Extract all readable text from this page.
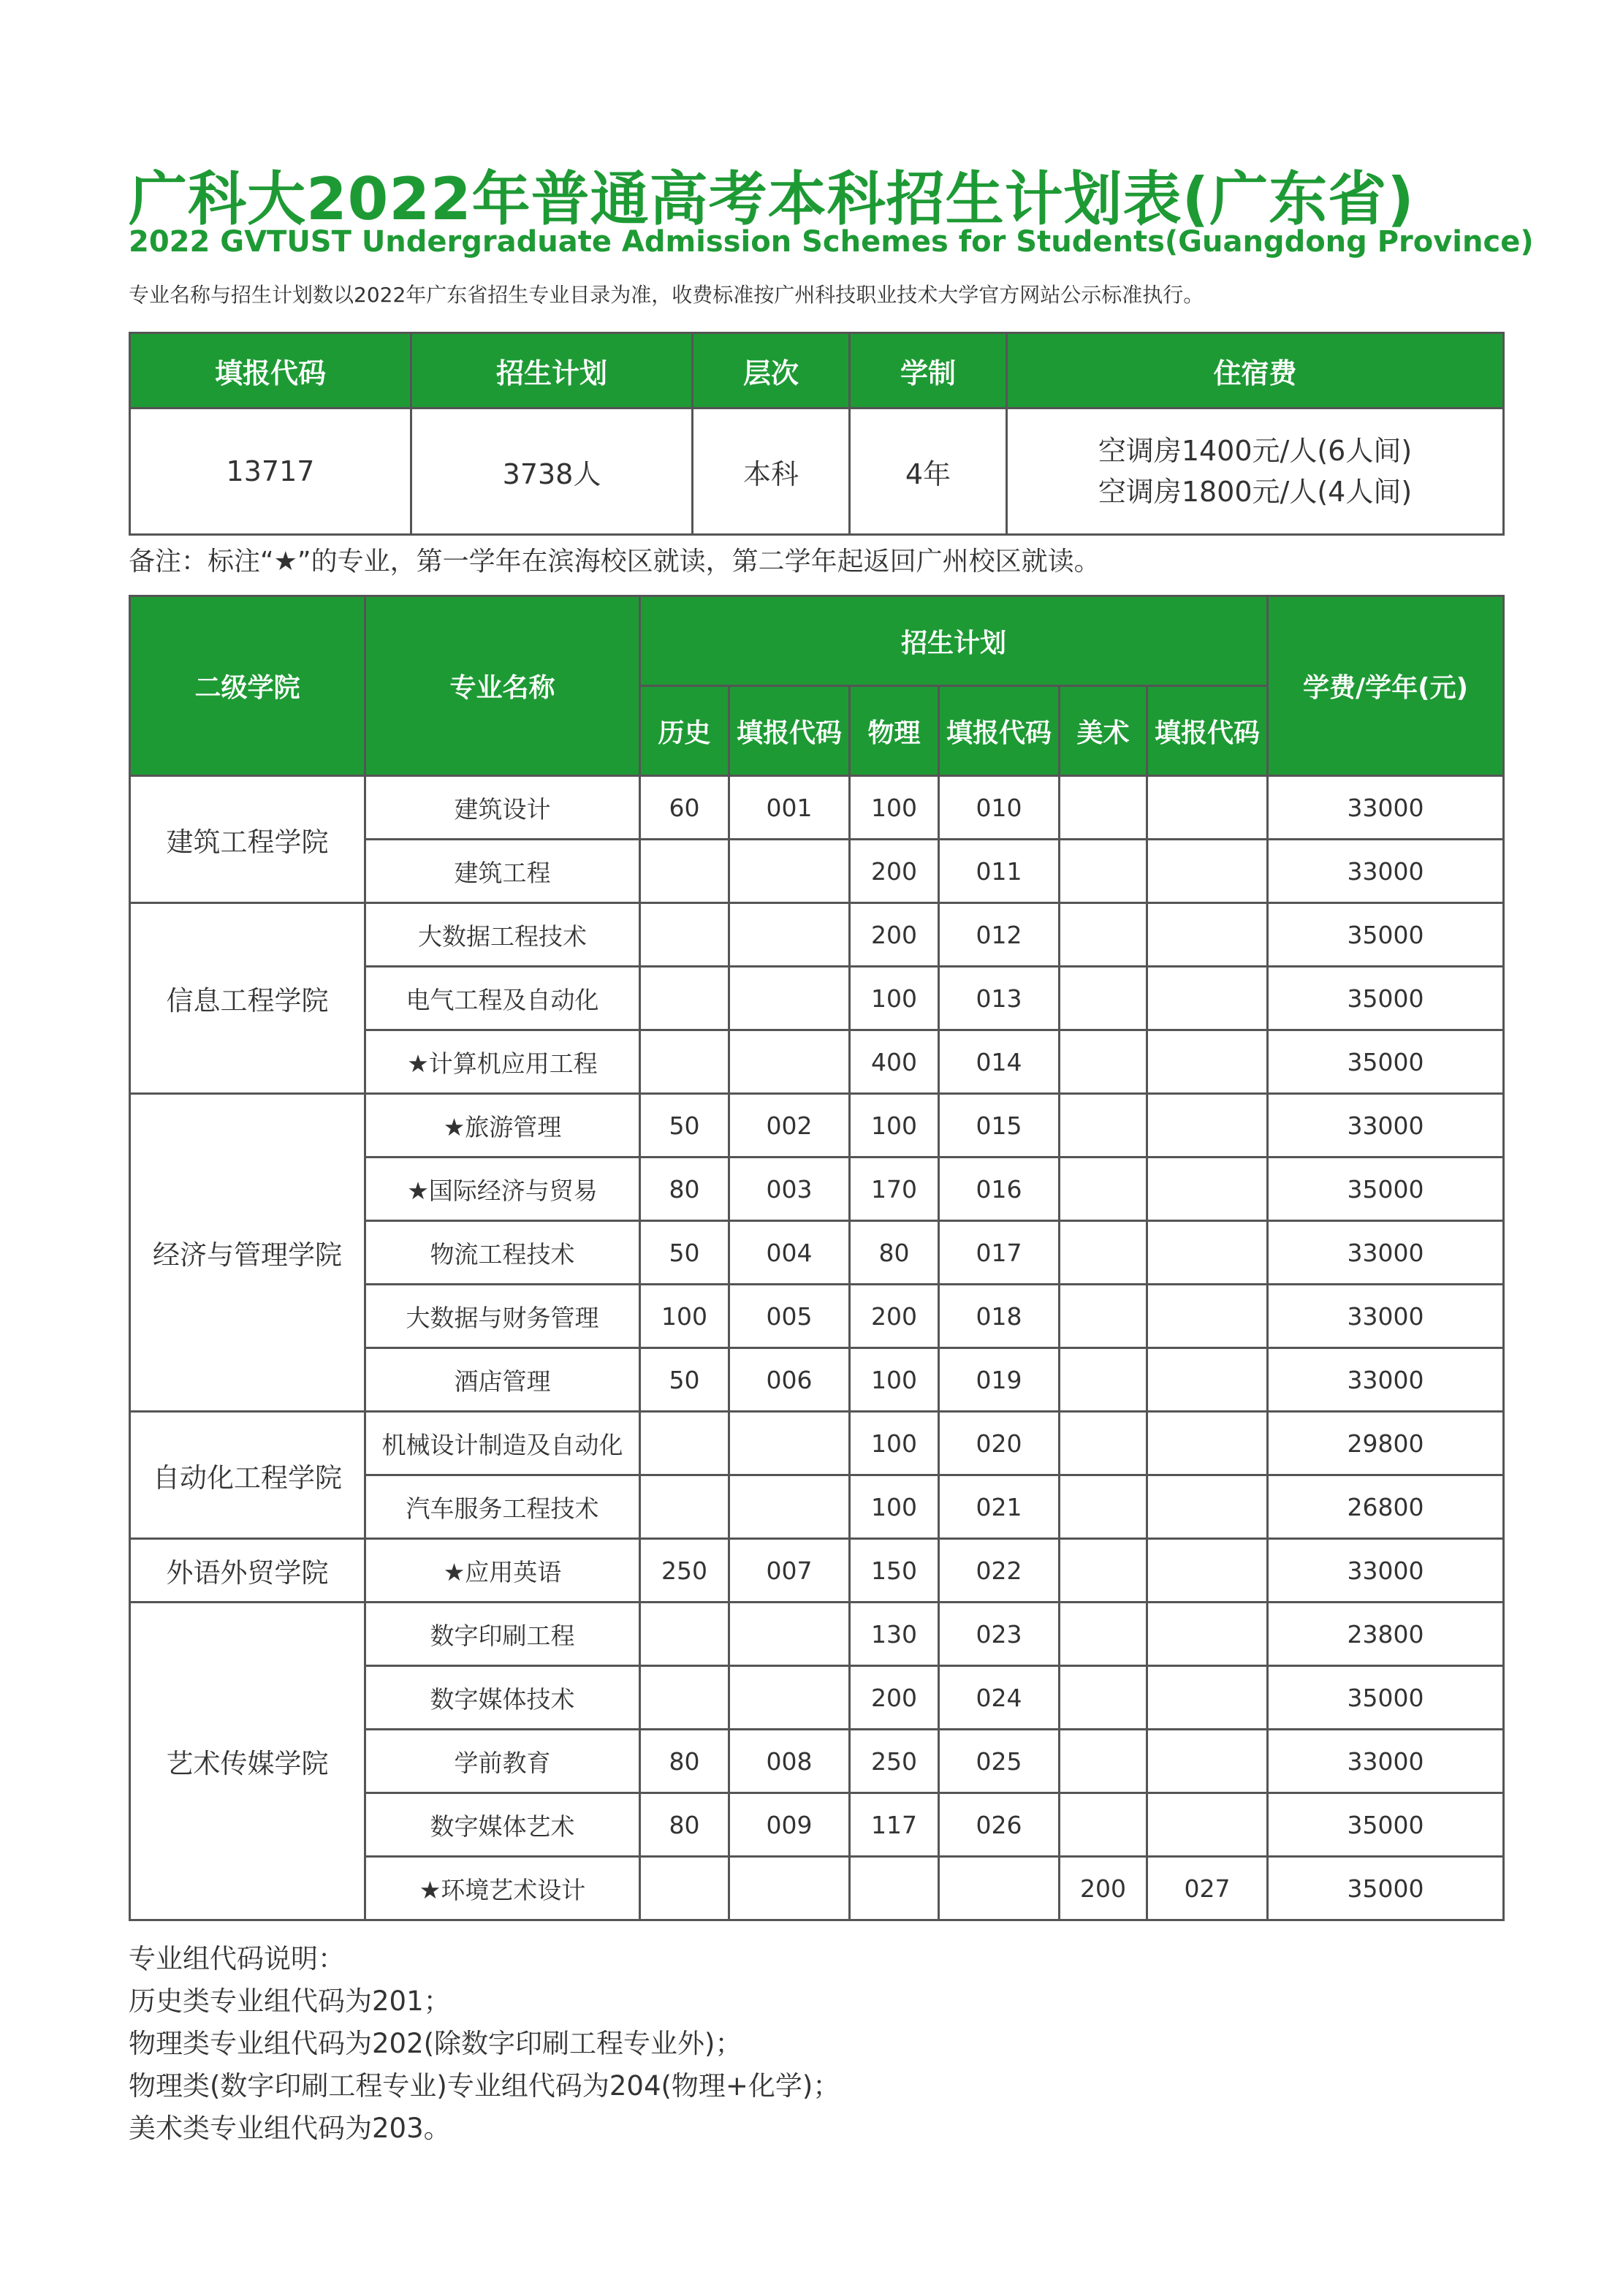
广科大2022年普通高考本科招生计划表(广东省)
2022 GVTUST Undergraduate Admission Schemes for Students(Guangdong Province)

专业名称与招生计划数以2022年广东省招生专业目录为准，收费标准按广州科技职业技术大学官方网站公示标准执行。

填报代码	招生计划	层次	学制	住宿费
13717	3738人	本科	4年	空调房1400元/人(6人间)
空调房1800元/人(4人间)

备注：标注“★”的专业，第一学年在滨海校区就读，第二学年起返回广州校区就读。

二级学院	专业名称	招生计划						学费/学年(元)
		历史	填报代码	物理	填报代码	美术	填报代码	
建筑工程学院	建筑设计	60	001	100	010			33000
	建筑工程			200	011			33000
信息工程学院	大数据工程技术			200	012			35000
	电气工程及自动化			100	013			35000
	★计算机应用工程			400	014			35000
经济与管理学院	★旅游管理	50	002	100	015			33000
	★国际经济与贸易	80	003	170	016			35000
	物流工程技术	50	004	80	017			33000
	大数据与财务管理	100	005	200	018			33000
	酒店管理	50	006	100	019			33000
自动化工程学院	机械设计制造及自动化			100	020			29800
	汽车服务工程技术			100	021			26800
外语外贸学院	★应用英语	250	007	150	022			33000
艺术传媒学院	数字印刷工程			130	023			23800
	数字媒体技术			200	024			35000
	学前教育	80	008	250	025			33000
	数字媒体艺术	80	009	117	026			35000
	★环境艺术设计					200	027	35000
专业组代码说明：
历史类专业组代码为201；
物理类专业组代码为202(除数字印刷工程专业外)；
物理类(数字印刷工程专业)专业组代码为204(物理+化学)；
美术类专业组代码为203。
